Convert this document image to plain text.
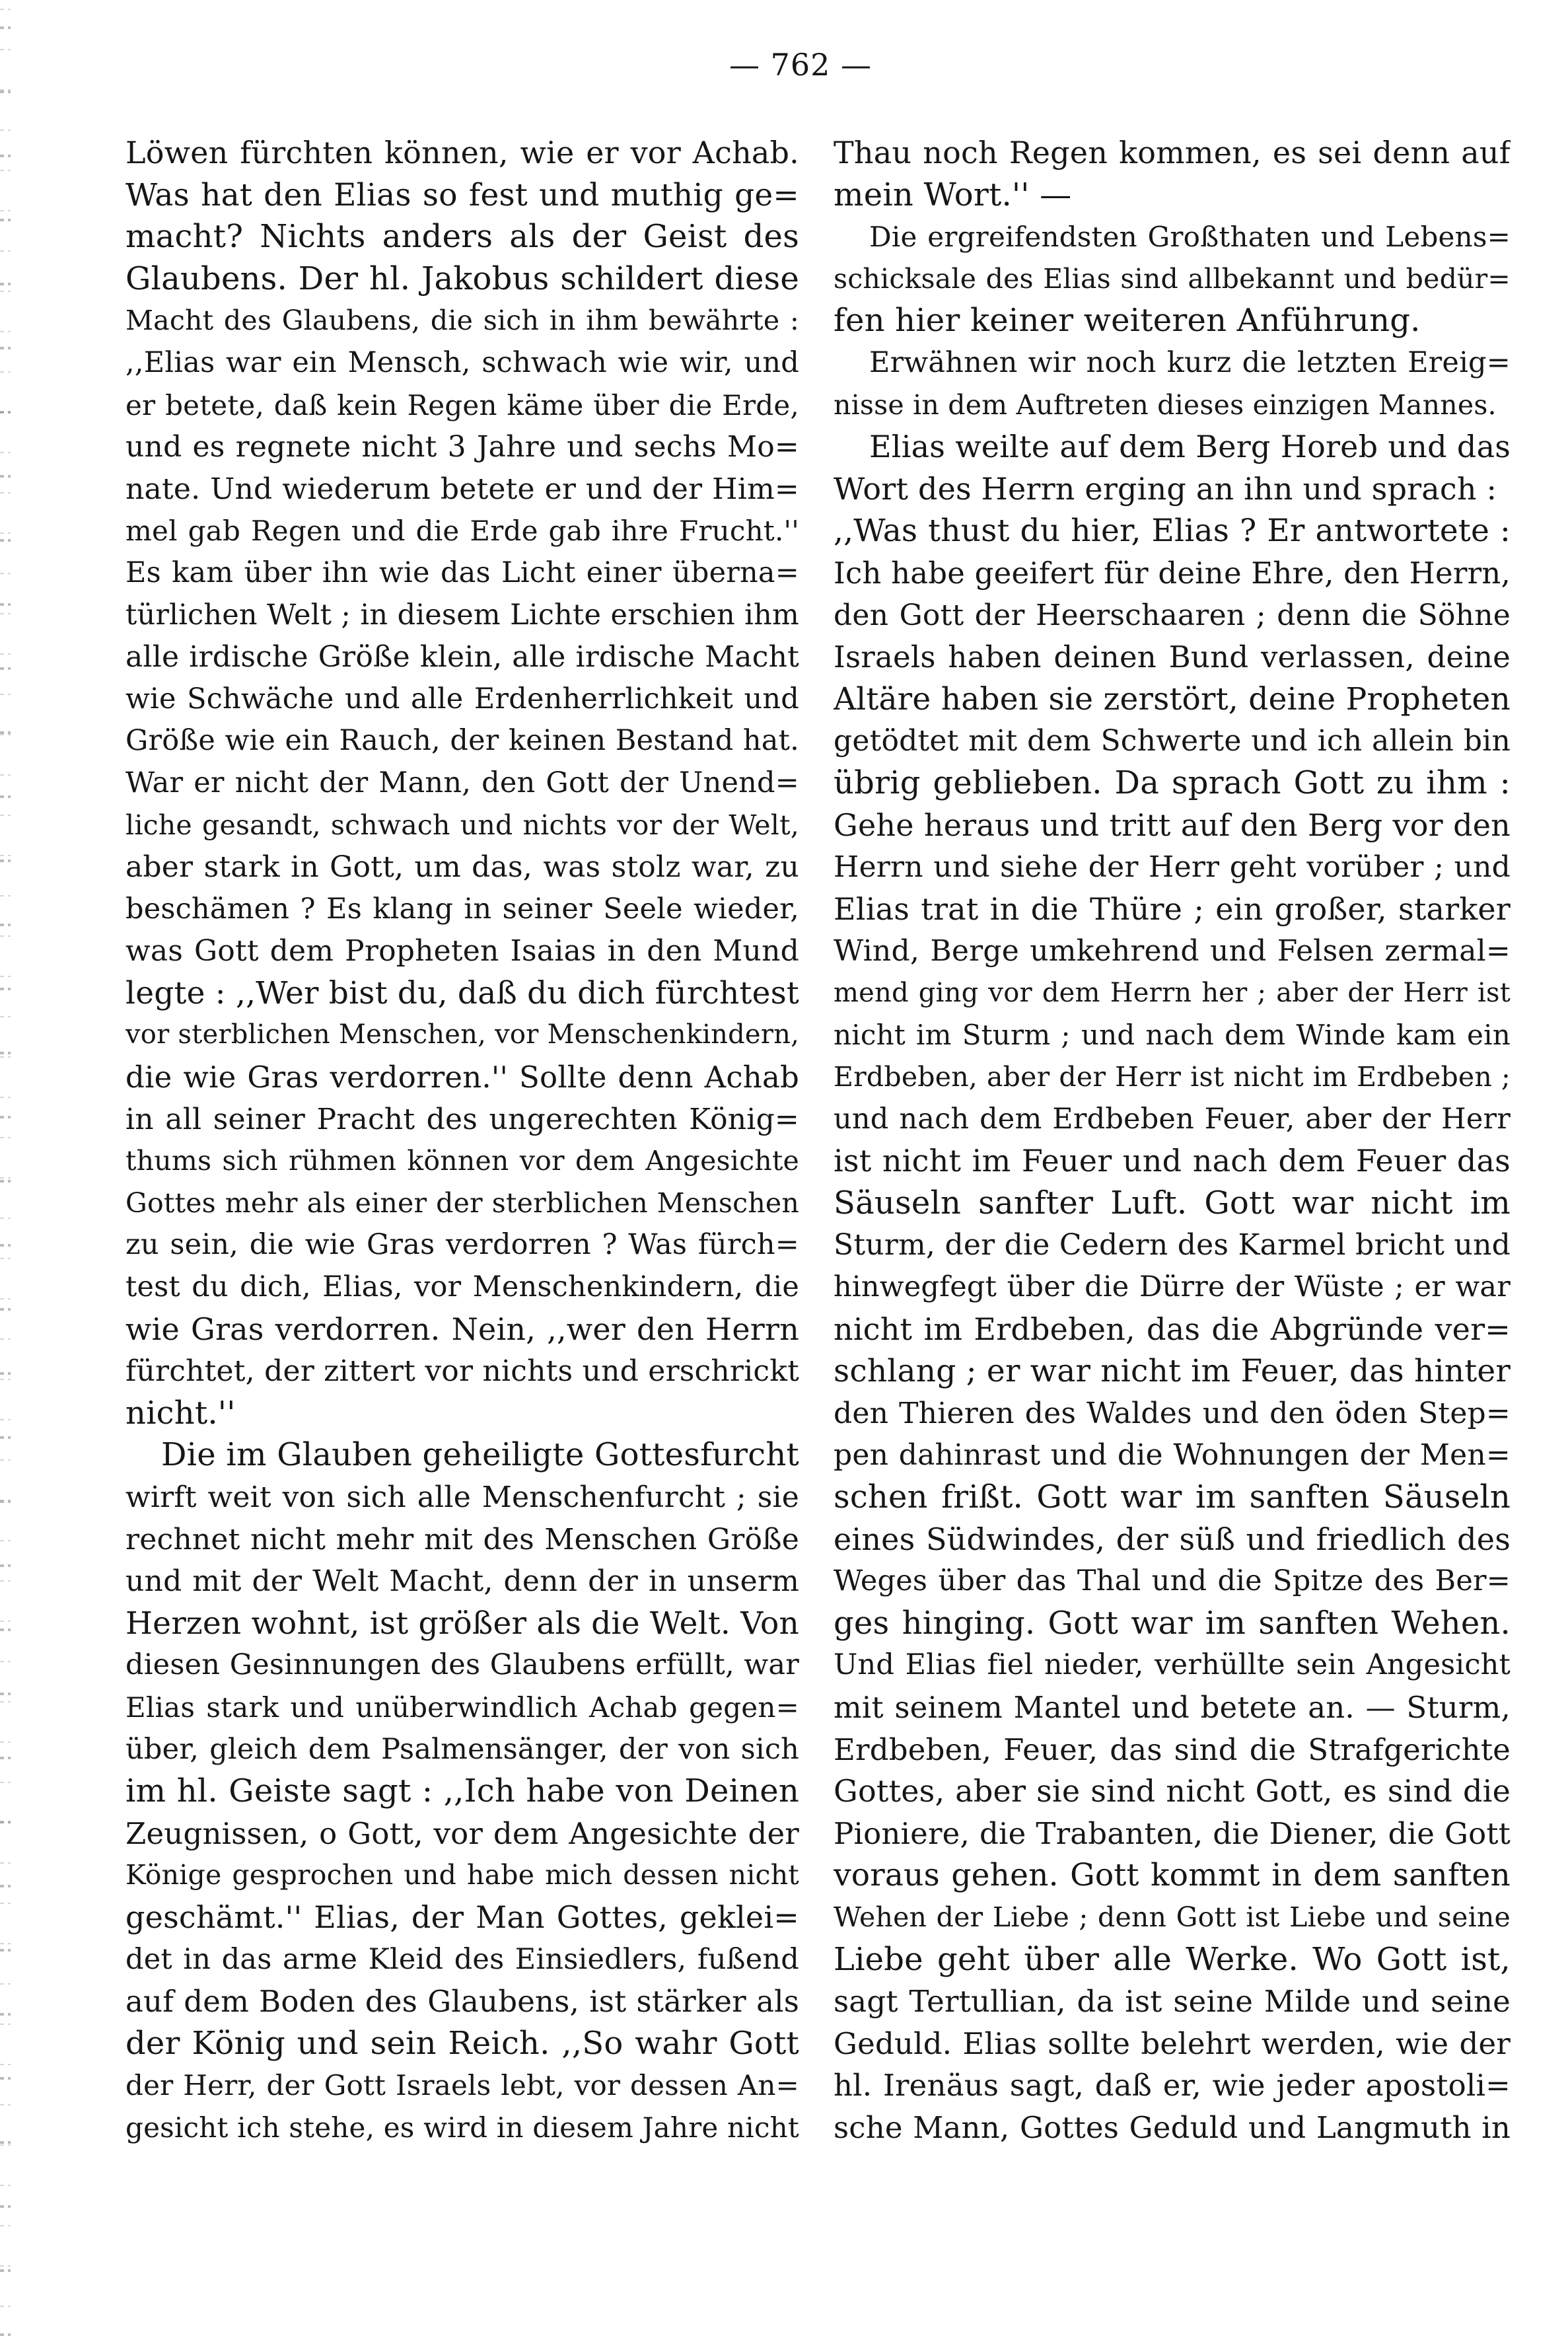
— 762 —
Löwen fürchten können, wie er vor Achab.
Was hat den Elias so fest und muthig ge=
macht? Nichts anders als der Geist des
Glaubens. Der hl. Jakobus schildert diese
Macht des Glaubens, die sich in ihm bewährte :
,,Elias war ein Mensch, schwach wie wir, und
er betete, daß kein Regen käme über die Erde,
und es regnete nicht 3 Jahre und sechs Mo=
nate. Und wiederum betete er und der Him=
mel gab Regen und die Erde gab ihre Frucht.''
Es kam über ihn wie das Licht einer überna=
türlichen Welt ; in diesem Lichte erschien ihm
alle irdische Größe klein, alle irdische Macht
wie Schwäche und alle Erdenherrlichkeit und
Größe wie ein Rauch, der keinen Bestand hat.
War er nicht der Mann, den Gott der Unend=
liche gesandt, schwach und nichts vor der Welt,
aber stark in Gott, um das, was stolz war, zu
beschämen ? Es klang in seiner Seele wieder,
was Gott dem Propheten Isaias in den Mund
legte : ,,Wer bist du, daß du dich fürchtest
vor sterblichen Menschen, vor Menschenkindern,
die wie Gras verdorren.'' Sollte denn Achab
in all seiner Pracht des ungerechten König=
thums sich rühmen können vor dem Angesichte
Gottes mehr als einer der sterblichen Menschen
zu sein, die wie Gras verdorren ? Was fürch=
test du dich, Elias, vor Menschenkindern, die
wie Gras verdorren. Nein, ,,wer den Herrn
fürchtet, der zittert vor nichts und erschrickt
nicht.''
Die im Glauben geheiligte Gottesfurcht
wirft weit von sich alle Menschenfurcht ; sie
rechnet nicht mehr mit des Menschen Größe
und mit der Welt Macht, denn der in unserm
Herzen wohnt, ist größer als die Welt. Von
diesen Gesinnungen des Glaubens erfüllt, war
Elias stark und unüberwindlich Achab gegen=
über, gleich dem Psalmensänger, der von sich
im hl. Geiste sagt : ,,Ich habe von Deinen
Zeugnissen, o Gott, vor dem Angesichte der
Könige gesprochen und habe mich dessen nicht
geschämt.'' Elias, der Man Gottes, geklei=
det in das arme Kleid des Einsiedlers, fußend
auf dem Boden des Glaubens, ist stärker als
der König und sein Reich. ,,So wahr Gott
der Herr, der Gott Israels lebt, vor dessen An=
gesicht ich stehe, es wird in diesem Jahre nicht
Thau noch Regen kommen, es sei denn auf
mein Wort.'' —
Die ergreifendsten Großthaten und Lebens=
schicksale des Elias sind allbekannt und bedür=
fen hier keiner weiteren Anführung.
Erwähnen wir noch kurz die letzten Ereig=
nisse in dem Auftreten dieses einzigen Mannes.
Elias weilte auf dem Berg Horeb und das
Wort des Herrn erging an ihn und sprach :
,,Was thust du hier, Elias ? Er antwortete :
Ich habe geeifert für deine Ehre, den Herrn,
den Gott der Heerschaaren ; denn die Söhne
Israels haben deinen Bund verlassen, deine
Altäre haben sie zerstört, deine Propheten
getödtet mit dem Schwerte und ich allein bin
übrig geblieben. Da sprach Gott zu ihm :
Gehe heraus und tritt auf den Berg vor den
Herrn und siehe der Herr geht vorüber ; und
Elias trat in die Thüre ; ein großer, starker
Wind, Berge umkehrend und Felsen zermal=
mend ging vor dem Herrn her ; aber der Herr ist
nicht im Sturm ; und nach dem Winde kam ein
Erdbeben, aber der Herr ist nicht im Erdbeben ;
und nach dem Erdbeben Feuer, aber der Herr
ist nicht im Feuer und nach dem Feuer das
Säuseln sanfter Luft. Gott war nicht im
Sturm, der die Cedern des Karmel bricht und
hinwegfegt über die Dürre der Wüste ; er war
nicht im Erdbeben, das die Abgründe ver=
schlang ; er war nicht im Feuer, das hinter
den Thieren des Waldes und den öden Step=
pen dahinrast und die Wohnungen der Men=
schen frißt. Gott war im sanften Säuseln
eines Südwindes, der süß und friedlich des
Weges über das Thal und die Spitze des Ber=
ges hinging. Gott war im sanften Wehen.
Und Elias fiel nieder, verhüllte sein Angesicht
mit seinem Mantel und betete an. — Sturm,
Erdbeben, Feuer, das sind die Strafgerichte
Gottes, aber sie sind nicht Gott, es sind die
Pioniere, die Trabanten, die Diener, die Gott
voraus gehen. Gott kommt in dem sanften
Wehen der Liebe ; denn Gott ist Liebe und seine
Liebe geht über alle Werke. Wo Gott ist,
sagt Tertullian, da ist seine Milde und seine
Geduld. Elias sollte belehrt werden, wie der
hl. Irenäus sagt, daß er, wie jeder apostoli=
sche Mann, Gottes Geduld und Langmuth in
